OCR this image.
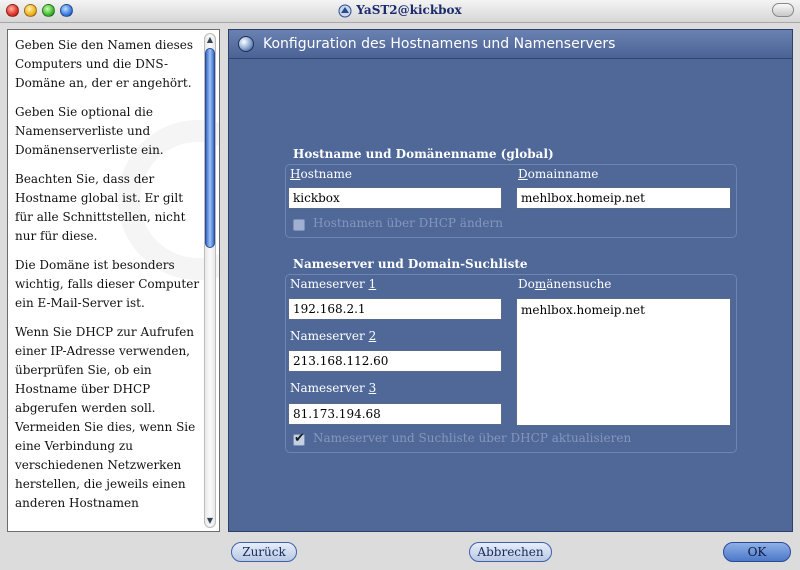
YaST2@kickbox

Geben Sie den Namen dieses Computers und die DNS-Domäne an, der er angehört.

Geben Sie optional die Namenserverliste und Domänenserverliste ein.

Beachten Sie, dass der Hostname global ist. Er gilt für alle Schnittstellen, nicht nur für diese.

Die Domäne ist besonders wichtig, falls dieser Computer ein E-Mail-Server ist.

Wenn Sie DHCP zur Aufrufen einer IP-Adresse verwenden, überprüfen Sie, ob ein Hostname über DHCP abgerufen werden soll. Vermeiden Sie dies, wenn Sie eine Verbindung zu verschiedenen Netzwerken herstellen, die jeweils einen anderen Hostnamen

▲
▼
Konfiguration des Hostnamens und Namenservers
Hostname und Domänenname (global)
Hostname
kickbox
Domainname
mehlbox.homeip.net
Hostnamen über DHCP ändern
Nameserver und Domain-Suchliste
Nameserver 1
192.168.2.1
Nameserver 2
213.168.112.60
Nameserver 3
81.173.194.68
Domänensuche
mehlbox.homeip.net
✔
Nameserver und Suchliste über DHCP aktualisieren
Zurück	Abbrechen	OK
